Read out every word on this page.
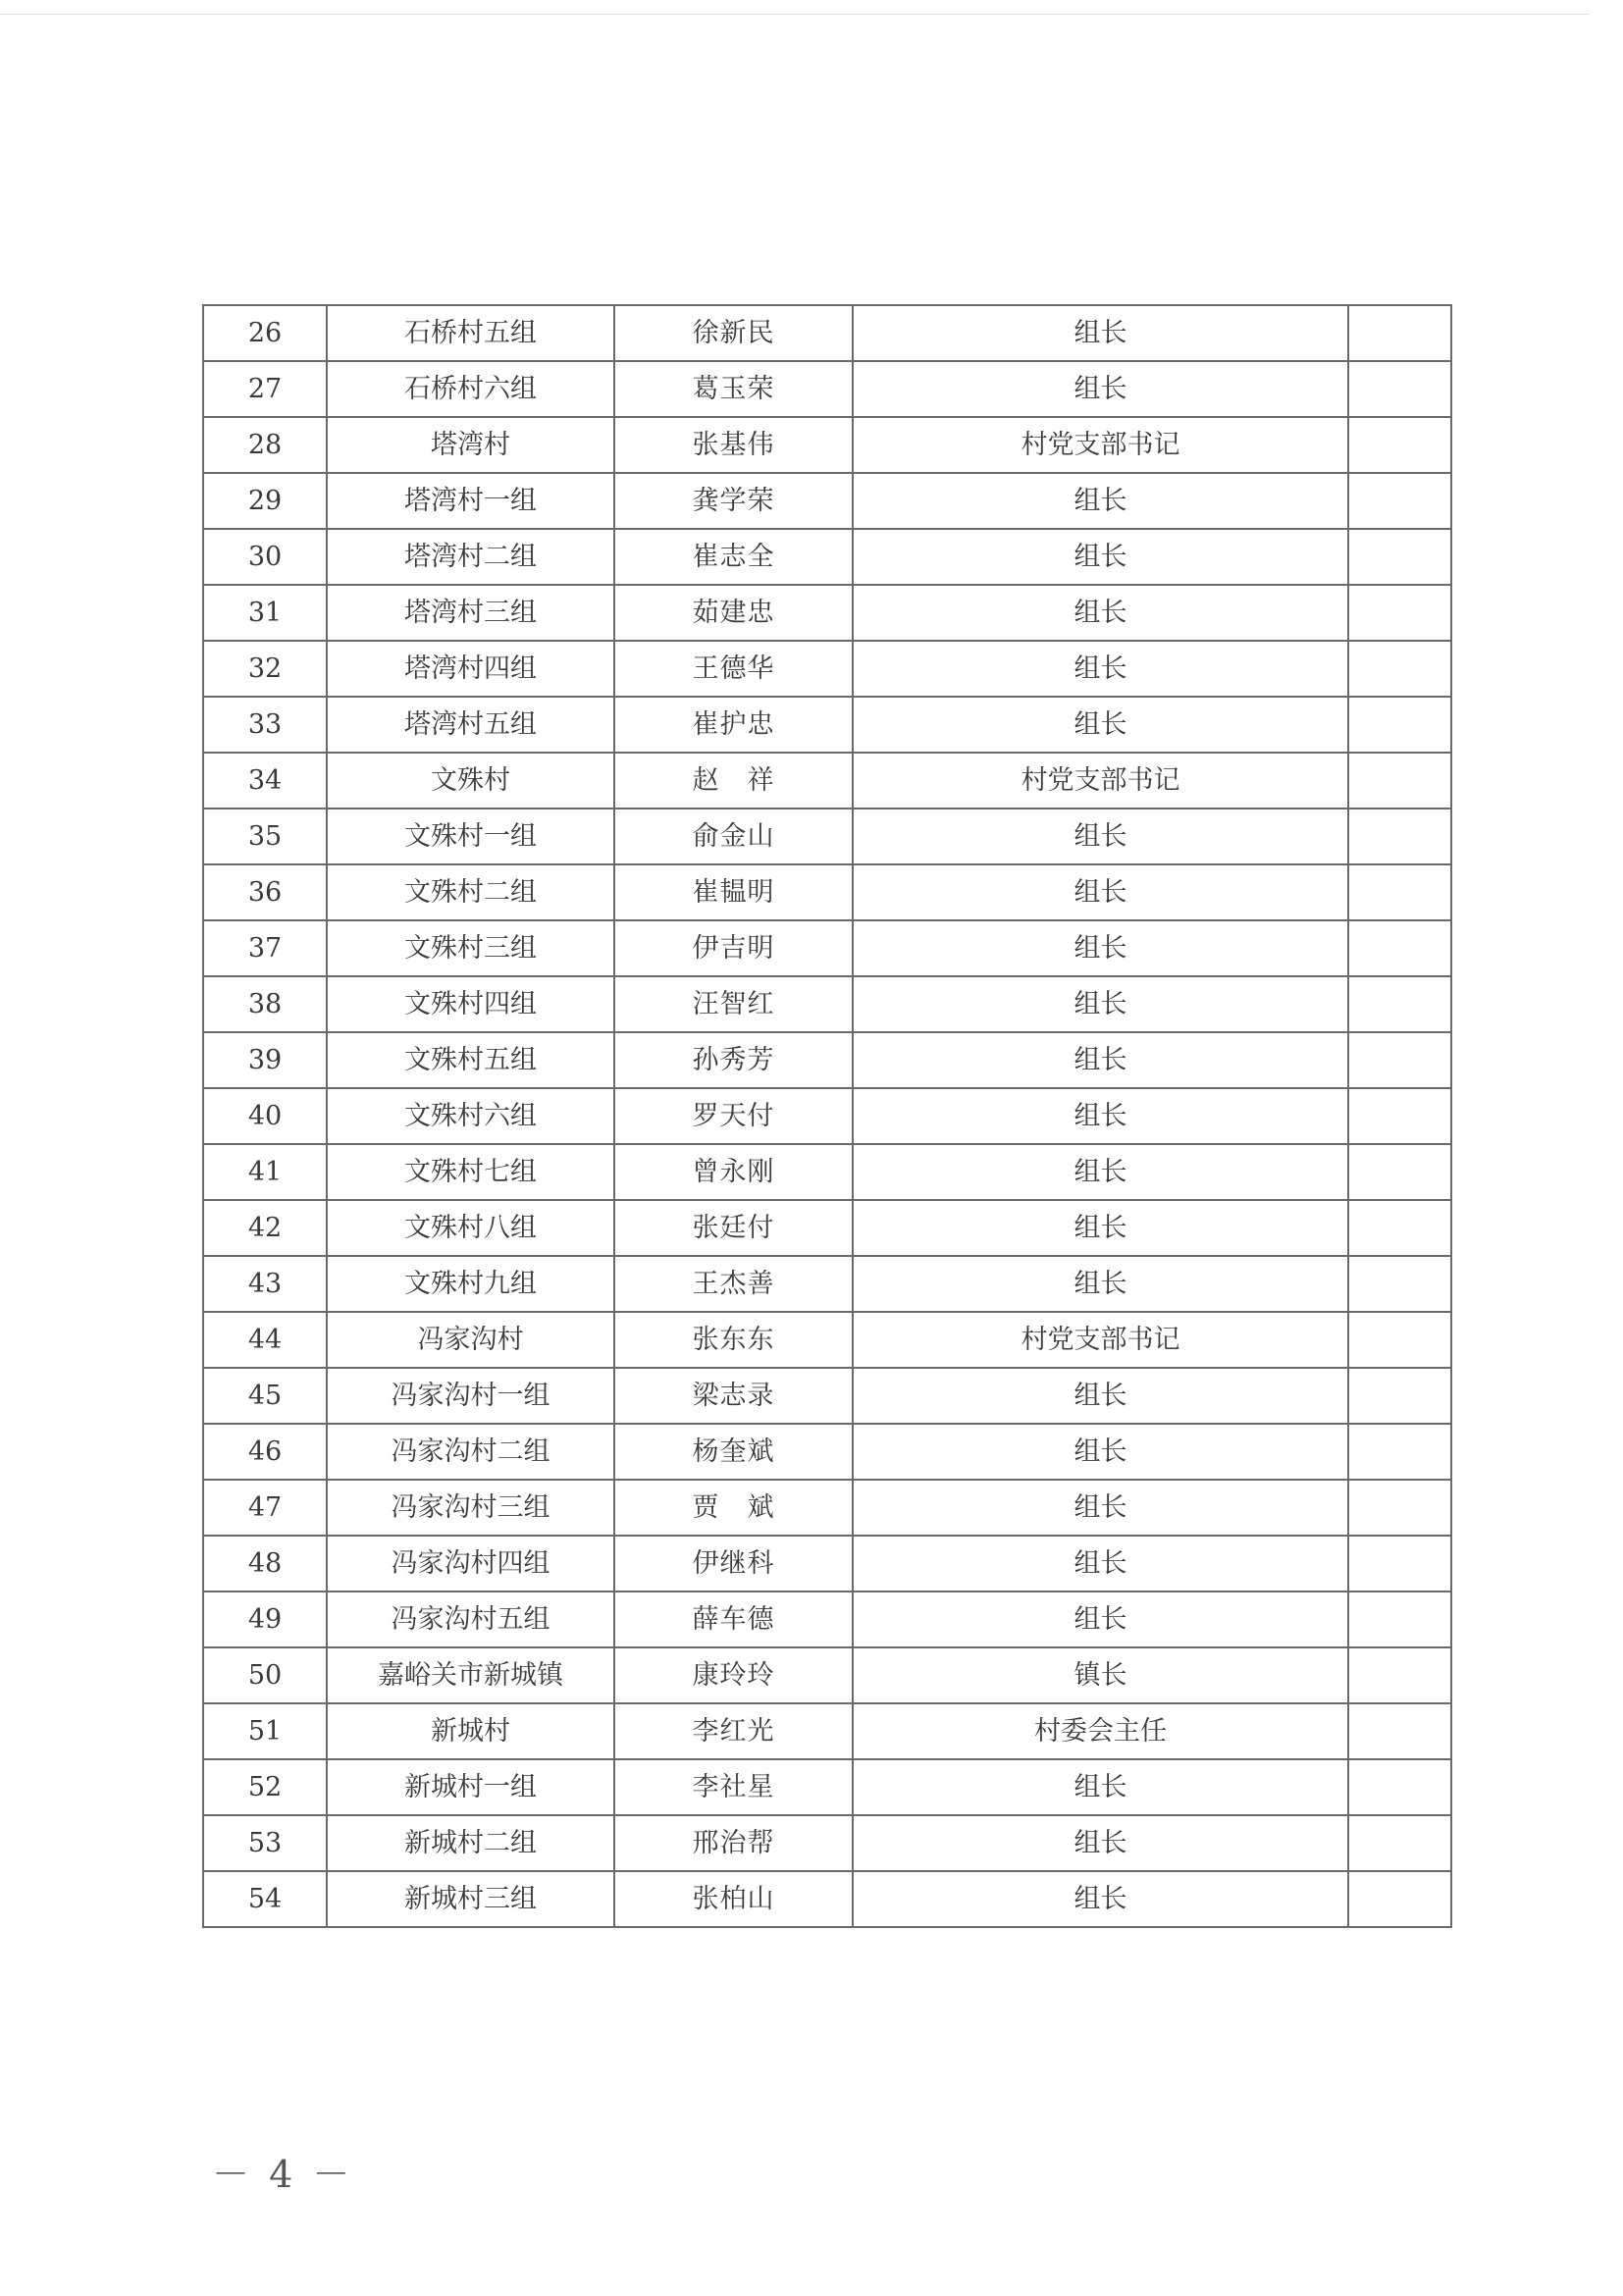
26	石桥村五组	徐新民	组长	
27	石桥村六组	葛玉荣	组长	
28	塔湾村	张基伟	村党支部书记	
29	塔湾村一组	龚学荣	组长	
30	塔湾村二组	崔志全	组长	
31	塔湾村三组	茹建忠	组长	
32	塔湾村四组	王德华	组长	
33	塔湾村五组	崔护忠	组长	
34	文殊村	赵　祥	村党支部书记	
35	文殊村一组	俞金山	组长	
36	文殊村二组	崔韫明	组长	
37	文殊村三组	伊吉明	组长	
38	文殊村四组	汪智红	组长	
39	文殊村五组	孙秀芳	组长	
40	文殊村六组	罗天付	组长	
41	文殊村七组	曾永刚	组长	
42	文殊村八组	张廷付	组长	
43	文殊村九组	王杰善	组长	
44	冯家沟村	张东东	村党支部书记	
45	冯家沟村一组	梁志录	组长	
46	冯家沟村二组	杨奎斌	组长	
47	冯家沟村三组	贾　斌	组长	
48	冯家沟村四组	伊继科	组长	
49	冯家沟村五组	薛车德	组长	
50	嘉峪关市新城镇	康玲玲	镇长	
51	新城村	李红光	村委会主任	
52	新城村一组	李社星	组长	
53	新城村二组	邢治帮	组长	
54	新城村三组	张柏山	组长	
－ 4 －
